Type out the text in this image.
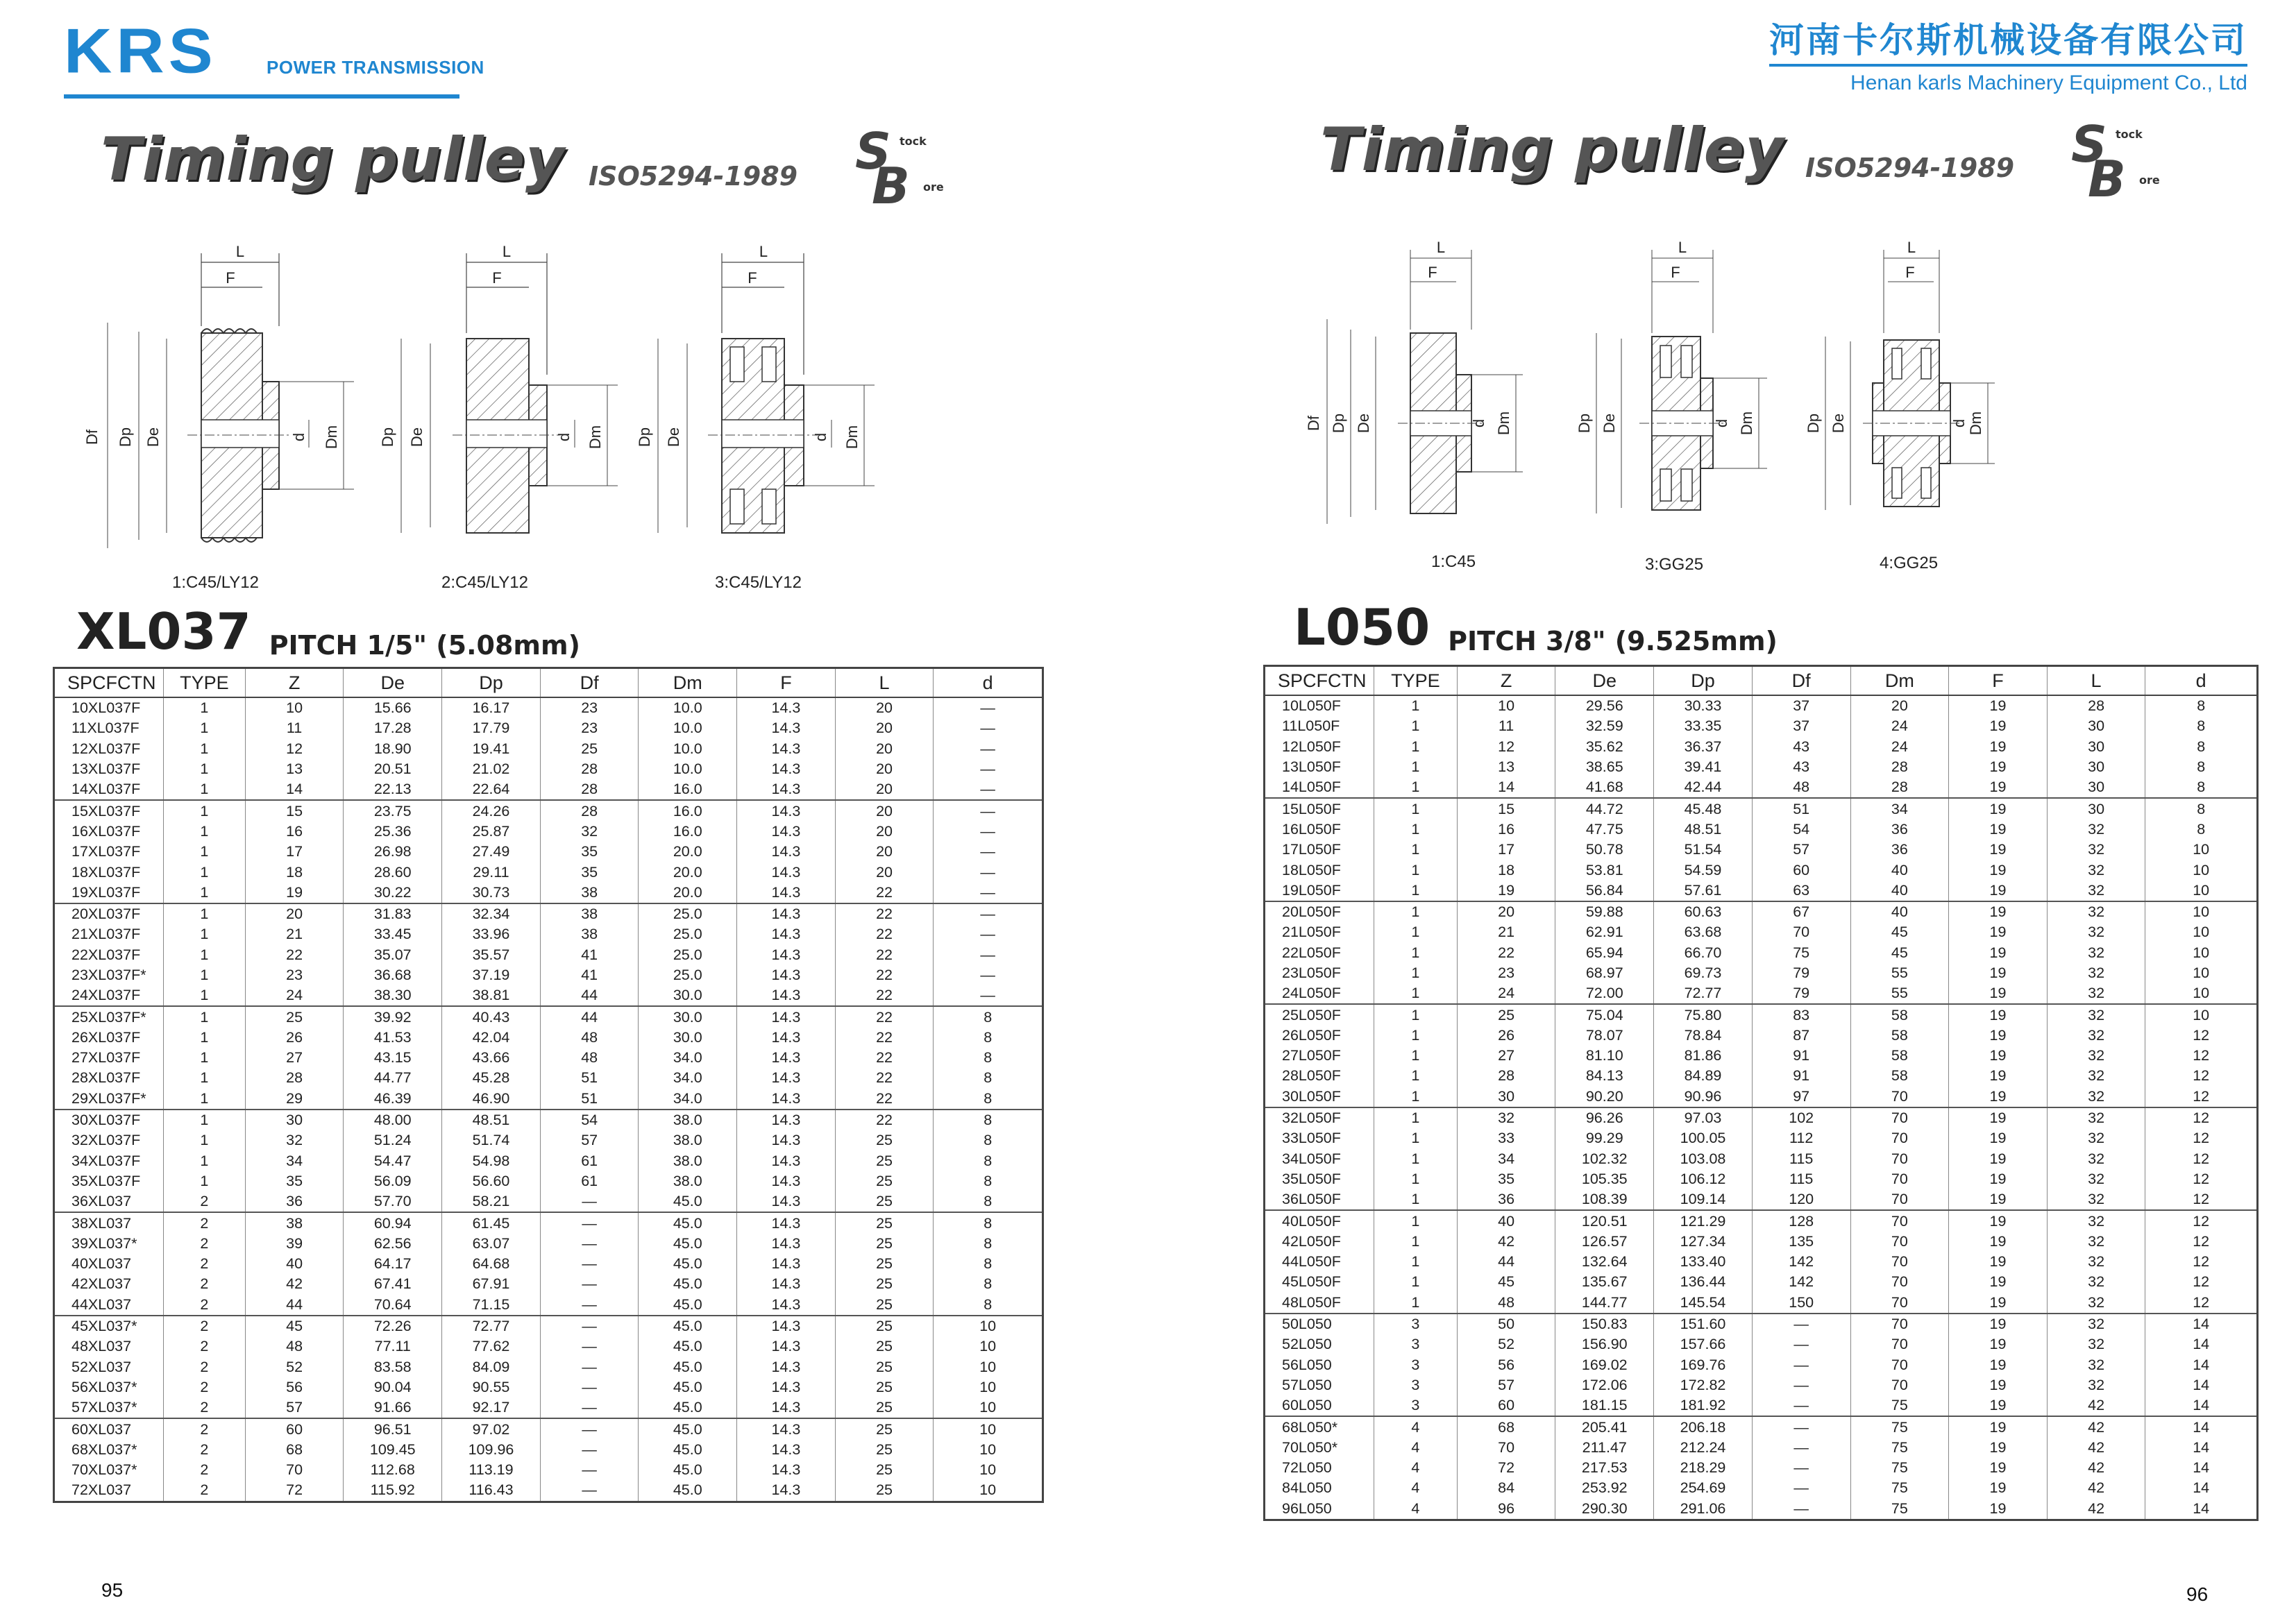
KRS	POWER TRANSMISSION
Timing pulley ISO5294-1989 S tock
B ore
L
F
Df Dp De	d Dm
L
F
Dp De	d Dm
L
F
Dp De	d Dm
1:C45/LY12	2:C45/LY12	3:C45/LY12
XL037 PITCH 1/5" (5.08mm)
SPCFCTN	TYPE	Z	De	Dp	Df	Dm	F	L	d
10XL037F	1	10	15.66	16.17	23	10.0	14.3	20	—
11XL037F	1	11	17.28	17.79	23	10.0	14.3	20	—
12XL037F	1	12	18.90	19.41	25	10.0	14.3	20	—
13XL037F	1	13	20.51	21.02	28	10.0	14.3	20	—
14XL037F	1	14	22.13	22.64	28	16.0	14.3	20	—
15XL037F	1	15	23.75	24.26	28	16.0	14.3	20	—
16XL037F	1	16	25.36	25.87	32	16.0	14.3	20	—
17XL037F	1	17	26.98	27.49	35	20.0	14.3	20	—
18XL037F	1	18	28.60	29.11	35	20.0	14.3	20	—
19XL037F	1	19	30.22	30.73	38	20.0	14.3	22	—
20XL037F	1	20	31.83	32.34	38	25.0	14.3	22	—
21XL037F	1	21	33.45	33.96	38	25.0	14.3	22	—
22XL037F	1	22	35.07	35.57	41	25.0	14.3	22	—
23XL037F*	1	23	36.68	37.19	41	25.0	14.3	22	—
24XL037F	1	24	38.30	38.81	44	30.0	14.3	22	—
25XL037F*	1	25	39.92	40.43	44	30.0	14.3	22	8
26XL037F	1	26	41.53	42.04	48	30.0	14.3	22	8
27XL037F	1	27	43.15	43.66	48	34.0	14.3	22	8
28XL037F	1	28	44.77	45.28	51	34.0	14.3	22	8
29XL037F*	1	29	46.39	46.90	51	34.0	14.3	22	8
30XL037F	1	30	48.00	48.51	54	38.0	14.3	22	8
32XL037F	1	32	51.24	51.74	57	38.0	14.3	25	8
34XL037F	1	34	54.47	54.98	61	38.0	14.3	25	8
35XL037F	1	35	56.09	56.60	61	38.0	14.3	25	8
36XL037	2	36	57.70	58.21	—	45.0	14.3	25	8
38XL037	2	38	60.94	61.45	—	45.0	14.3	25	8
39XL037*	2	39	62.56	63.07	—	45.0	14.3	25	8
40XL037	2	40	64.17	64.68	—	45.0	14.3	25	8
42XL037	2	42	67.41	67.91	—	45.0	14.3	25	8
44XL037	2	44	70.64	71.15	—	45.0	14.3	25	8
45XL037*	2	45	72.26	72.77	—	45.0	14.3	25	10
48XL037	2	48	77.11	77.62	—	45.0	14.3	25	10
52XL037	2	52	83.58	84.09	—	45.0	14.3	25	10
56XL037*	2	56	90.04	90.55	—	45.0	14.3	25	10
57XL037*	2	57	91.66	92.17	—	45.0	14.3	25	10
60XL037	2	60	96.51	97.02	—	45.0	14.3	25	10
68XL037*	2	68	109.45	109.96	—	45.0	14.3	25	10
70XL037*	2	70	112.68	113.19	—	45.0	14.3	25	10
72XL037	2	72	115.92	116.43	—	45.0	14.3	25	10
95
河南卡尔斯机械设备有限公司
Henan karls Machinery Equipment Co., Ltd
Timing pulley ISO5294-1989 S tock
B ore
L
F
Df Dp De	d Dm
L
F
Dp De	d Dm
L
F
Dp De	d Dm
1:C45	3:GG25	4:GG25
L050 PITCH 3/8" (9.525mm)
SPCFCTN	TYPE	Z	De	Dp	Df	Dm	F	L	d
10L050F	1	10	29.56	30.33	37	20	19	28	8
11L050F	1	11	32.59	33.35	37	24	19	30	8
12L050F	1	12	35.62	36.37	43	24	19	30	8
13L050F	1	13	38.65	39.41	43	28	19	30	8
14L050F	1	14	41.68	42.44	48	28	19	30	8
15L050F	1	15	44.72	45.48	51	34	19	30	8
16L050F	1	16	47.75	48.51	54	36	19	32	8
17L050F	1	17	50.78	51.54	57	36	19	32	10
18L050F	1	18	53.81	54.59	60	40	19	32	10
19L050F	1	19	56.84	57.61	63	40	19	32	10
20L050F	1	20	59.88	60.63	67	40	19	32	10
21L050F	1	21	62.91	63.68	70	45	19	32	10
22L050F	1	22	65.94	66.70	75	45	19	32	10
23L050F	1	23	68.97	69.73	79	55	19	32	10
24L050F	1	24	72.00	72.77	79	55	19	32	10
25L050F	1	25	75.04	75.80	83	58	19	32	10
26L050F	1	26	78.07	78.84	87	58	19	32	12
27L050F	1	27	81.10	81.86	91	58	19	32	12
28L050F	1	28	84.13	84.89	91	58	19	32	12
30L050F	1	30	90.20	90.96	97	70	19	32	12
32L050F	1	32	96.26	97.03	102	70	19	32	12
33L050F	1	33	99.29	100.05	112	70	19	32	12
34L050F	1	34	102.32	103.08	115	70	19	32	12
35L050F	1	35	105.35	106.12	115	70	19	32	12
36L050F	1	36	108.39	109.14	120	70	19	32	12
40L050F	1	40	120.51	121.29	128	70	19	32	12
42L050F	1	42	126.57	127.34	135	70	19	32	12
44L050F	1	44	132.64	133.40	142	70	19	32	12
45L050F	1	45	135.67	136.44	142	70	19	32	12
48L050F	1	48	144.77	145.54	150	70	19	32	12
50L050	3	50	150.83	151.60	—	70	19	32	14
52L050	3	52	156.90	157.66	—	70	19	32	14
56L050	3	56	169.02	169.76	—	70	19	32	14
57L050	3	57	172.06	172.82	—	70	19	32	14
60L050	3	60	181.15	181.92	—	75	19	42	14
68L050*	4	68	205.41	206.18	—	75	19	42	14
70L050*	4	70	211.47	212.24	—	75	19	42	14
72L050	4	72	217.53	218.29	—	75	19	42	14
84L050	4	84	253.92	254.69	—	75	19	42	14
96L050	4	96	290.30	291.06	—	75	19	42	14
96
